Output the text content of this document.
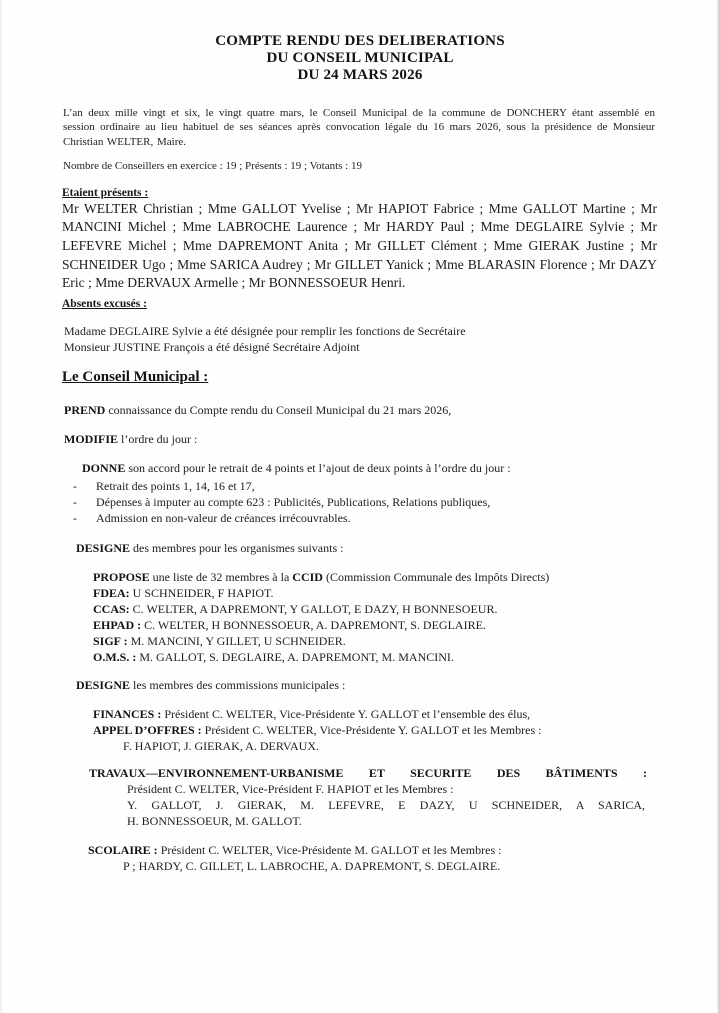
COMPTE RENDU DES DELIBERATIONS
DU CONSEIL MUNICIPAL
DU 24 MARS 2026

L’an deux mille vingt et six, le vingt quatre mars, le Conseil Municipal de la commune de DONCHERY étant assemblé en session ordinaire au lieu habituel de ses séances après convocation légale du 16 mars 2026, sous la présidence de Monsieur Christian WELTER, Maire.

Nombre de Conseillers en exercice : 19 ; Présents : 19 ; Votants : 19

Etaient présents :

Mr WELTER Christian ; Mme GALLOT Yvelise ; Mr HAPIOT Fabrice ; Mme GALLOT Martine ; Mr MANCINI Michel ; Mme LABROCHE Laurence ; Mr HARDY Paul ; Mme DEGLAIRE Sylvie ; Mr LEFEVRE Michel ; Mme DAPREMONT Anita ; Mr GILLET Clément ; Mme GIERAK Justine ; Mr SCHNEIDER Ugo ; Mme SARICA Audrey ; Mr GILLET Yanick ; Mme BLARASIN Florence ; Mr DAZY Eric ; Mme DERVAUX Armelle ; Mr BONNESSOEUR Henri.

Absents excusés :

Madame DEGLAIRE Sylvie a été désignée pour remplir les fonctions de Secrétaire
Monsieur JUSTINE François a été désigné Secrétaire Adjoint

Le Conseil Municipal :

PREND connaissance du Compte rendu du Conseil Municipal du 21 mars 2026,

MODIFIE l’ordre du jour :

DONNE son accord pour le retrait de 4 points et l’ajout de deux points à l’ordre du jour :

- Retrait des points 1, 14, 16 et 17,
- Dépenses à imputer au compte 623 : Publicités, Publications, Relations publiques,
- Admission en non-valeur de créances irrécouvrables.

DESIGNE des membres pour les organismes suivants :

PROPOSE une liste de 32 membres à la CCID (Commission Communale des Impôts Directs)

FDEA: U SCHNEIDER, F HAPIOT.
CCAS: C. WELTER, A DAPREMONT, Y GALLOT, E DAZY, H BONNESOEUR.
EHPAD : C. WELTER, H BONNESSOEUR, A. DAPREMONT, S. DEGLAIRE.
SIGF : M. MANCINI, Y GILLET, U SCHNEIDER.
O.M.S. : M. GALLOT, S. DEGLAIRE, A. DAPREMONT, M. MANCINI.

DESIGNE les membres des commissions municipales :

FINANCES : Président C. WELTER, Vice-Présidente Y. GALLOT et l’ensemble des élus,

APPEL D’OFFRES : Président C. WELTER, Vice-Présidente Y. GALLOT et les Membres :

F. HAPIOT, J. GIERAK, A. DERVAUX.

TRAVAUX—ENVIRONNEMENT-URBANISME ET SECURITE DES BÂTIMENTS :

Président C. WELTER, Vice-Président F. HAPIOT et les Membres :

Y. GALLOT, J. GIERAK, M. LEFEVRE, E DAZY, U SCHNEIDER, A SARICA,

H. BONNESSOEUR, M. GALLOT.

SCOLAIRE : Président C. WELTER, Vice-Présidente M. GALLOT et les Membres :

P ; HARDY, C. GILLET, L. LABROCHE, A. DAPREMONT, S. DEGLAIRE.
